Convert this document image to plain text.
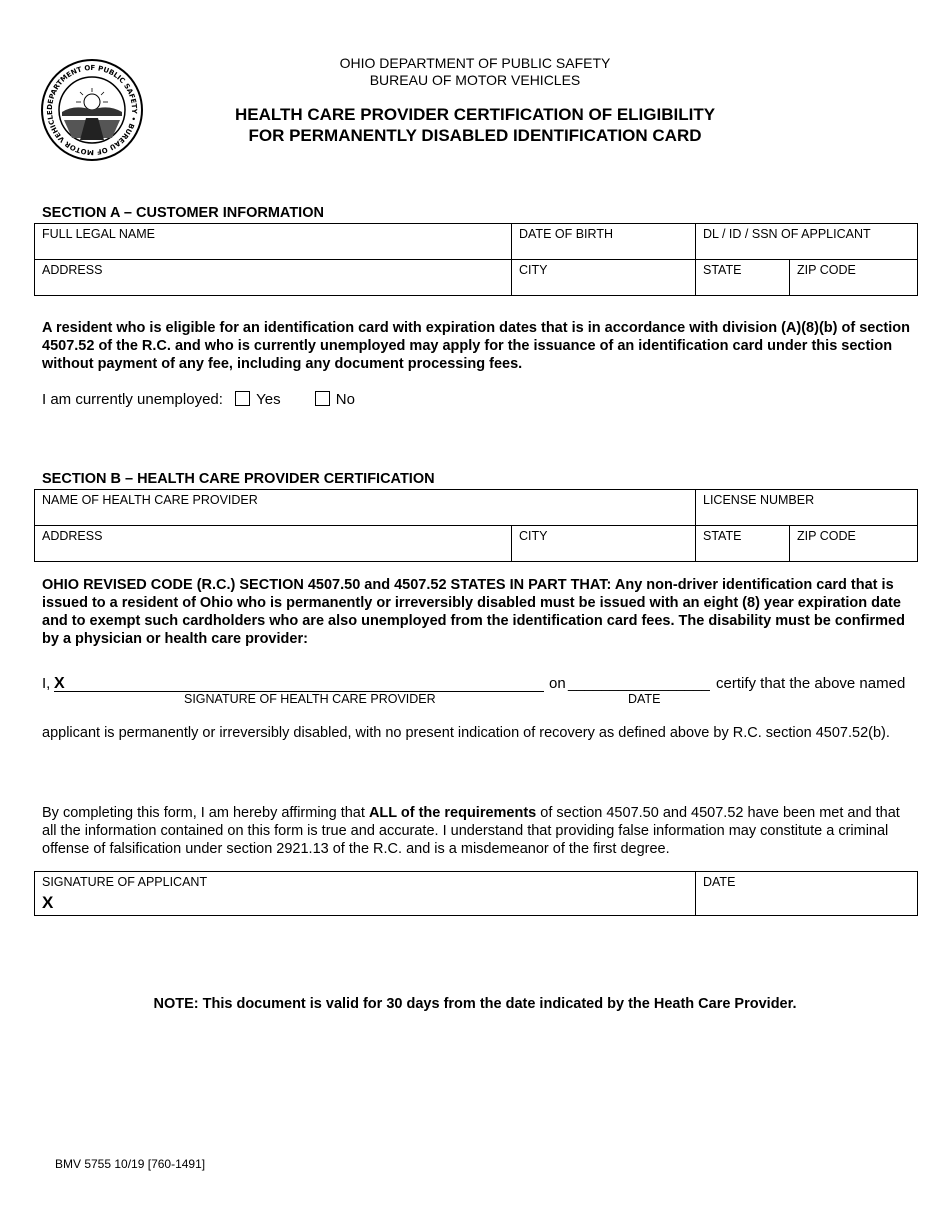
DEPARTMENT OF PUBLIC SAFETY • BUREAU OF MOTOR VEHICLE
OHIO DEPARTMENT OF PUBLIC SAFETY
BUREAU OF MOTOR VEHICLES
HEALTH CARE PROVIDER CERTIFICATION OF ELIGIBILITY
FOR PERMANENTLY DISABLED IDENTIFICATION CARD
SECTION A – CUSTOMER INFORMATION
FULL LEGAL NAME	DATE OF BIRTH	DL / ID / SSN OF APPLICANT	
ADDRESS	CITY	STATE	ZIP CODE
A resident who is eligible for an identification card with expiration dates that is in accordance with division (A)(8)(b) of section 4507.52 of the R.C. and who is currently unemployed may apply for the issuance of an identification card under this section without payment of any fee, including any document processing fees.
I am currently unemployed: Yes	No
SECTION B – HEALTH CARE PROVIDER CERTIFICATION
NAME OF HEALTH CARE PROVIDER		LICENSE NUMBER	
ADDRESS	CITY	STATE	ZIP CODE
OHIO REVISED CODE (R.C.) SECTION 4507.50 and 4507.52 STATES IN PART THAT: Any non-driver identification card that is issued to a resident of Ohio who is permanently or irreversibly disabled must be issued with an eight (8) year expiration date and to exempt such cardholders who are also unemployed from the identification card fees. The disability must be confirmed by a physician or health care provider:
I, X	on _________________ certify that the above named
SIGNATURE OF HEALTH CARE PROVIDER	DATE
applicant is permanently or irreversibly disabled, with no present indication of recovery as defined above by R.C. section 4507.52(b).
By completing this form, I am hereby affirming that ALL of the requirements of section 4507.50 and 4507.52 have been met and that all the information contained on this form is true and accurate. I understand that providing false information may constitute a criminal offense of falsification under section 2921.13 of the R.C. and is a misdemeanor of the first degree.
SIGNATURE OF APPLICANT
X
	DATE
NOTE: This document is valid for 30 days from the date indicated by the Heath Care Provider.
BMV 5755 10/19 [760-1491]
